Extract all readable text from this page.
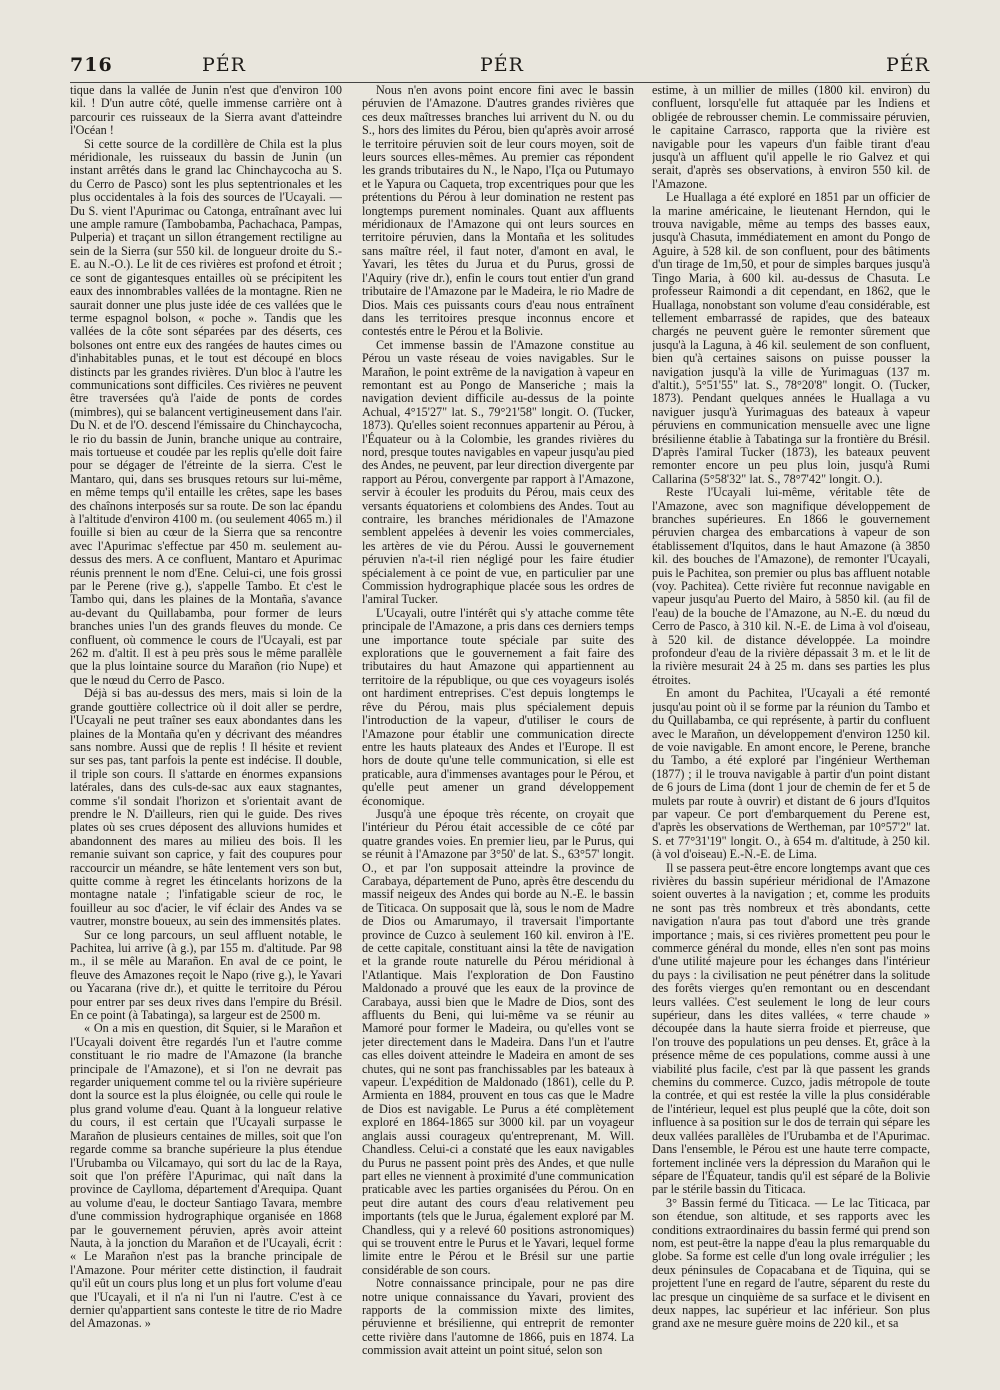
716	PÉR	PÉR	PÉR

tique dans la vallée de Junin n'est que d'environ 100 kil. ! D'un autre côté, quelle immense carrière ont à parcourir ces ruisseaux de la Sierra avant d'atteindre l'Océan !

Si cette source de la cordillère de Chila est la plus méridionale, les ruisseaux du bassin de Junin (un instant arrêtés dans le grand lac Chinchaycocha au S. du Cerro de Pasco) sont les plus septentrionales et les plus occidentales à la fois des sources de l'Ucayali. — Du S. vient l'Apurimac ou Catonga, entraînant avec lui une ample ramure (Tambobamba, Pachachaca, Pampas, Pulperia) et traçant un sillon étrangement rectiligne au sein de la Sierra (sur 550 kil. de longueur droite du S.-E. au N.-O.). Le lit de ces rivières est profond et étroit ; ce sont de gigantesques entailles où se précipitent les eaux des innombrables vallées de la montagne. Rien ne saurait donner une plus juste idée de ces vallées que le terme espagnol bolson, « poche ». Tandis que les vallées de la côte sont séparées par des déserts, ces bolsones ont entre eux des rangées de hautes cimes ou d'inhabitables punas, et le tout est découpé en blocs distincts par les grandes rivières. D'un bloc à l'autre les communications sont difficiles. Ces rivières ne peuvent être traversées qu'à l'aide de ponts de cordes (mimbres), qui se balancent vertigineusement dans l'air. Du N. et de l'O. descend l'émissaire du Chinchaycocha, le rio du bassin de Junin, branche unique au contraire, mais tortueuse et coudée par les replis qu'elle doit faire pour se dégager de l'étreinte de la sierra. C'est le Mantaro, qui, dans ses brusques retours sur lui-même, en même temps qu'il entaille les crêtes, sape les bases des chaînons interposés sur sa route. De son lac épandu à l'altitude d'environ 4100 m. (ou seulement 4065 m.) il fouille si bien au cœur de la Sierra que sa rencontre avec l'Apurimac s'effectue par 450 m. seulement au-dessus des mers. A ce confluent, Mantaro et Apurimac réunis prennent le nom d'Ene. Celui-ci, une fois grossi par le Perene (rive g.), s'appelle Tambo. Et c'est le Tambo qui, dans les plaines de la Montaña, s'avance au-devant du Quillabamba, pour former de leurs branches unies l'un des grands fleuves du monde. Ce confluent, où commence le cours de l'Ucayali, est par 262 m. d'altit. Il est à peu près sous le même parallèle que la plus lointaine source du Marañon (rio Nupe) et que le nœud du Cerro de Pasco.

Déjà si bas au-dessus des mers, mais si loin de la grande gouttière collectrice où il doit aller se perdre, l'Ucayali ne peut traîner ses eaux abondantes dans les plaines de la Montaña qu'en y décrivant des méandres sans nombre. Aussi que de replis ! Il hésite et revient sur ses pas, tant parfois la pente est indécise. Il double, il triple son cours. Il s'attarde en énormes expansions latérales, dans des culs-de-sac aux eaux stagnantes, comme s'il sondait l'horizon et s'orientait avant de prendre le N. D'ailleurs, rien qui le guide. Des rives plates où ses crues déposent des alluvions humides et abandonnent des mares au milieu des bois. Il les remanie suivant son caprice, y fait des coupures pour raccourcir un méandre, se hâte lentement vers son but, quitte comme à regret les étincelants horizons de la montagne natale ; l'infatigable scieur de roc, le fouilleur au soc d'acier, le vif éclair des Andes va se vautrer, monstre boueux, au sein des immensités plates.

Sur ce long parcours, un seul affluent notable, le Pachitea, lui arrive (à g.), par 155 m. d'altitude. Par 98 m., il se mêle au Marañon. En aval de ce point, le fleuve des Amazones reçoit le Napo (rive g.), le Yavari ou Yacarana (rive dr.), et quitte le territoire du Pérou pour entrer par ses deux rives dans l'empire du Brésil. En ce point (à Tabatinga), sa largeur est de 2500 m.

« On a mis en question, dit Squier, si le Marañon et l'Ucayali doivent être regardés l'un et l'autre comme constituant le rio madre de l'Amazone (la branche principale de l'Amazone), et si l'on ne devrait pas regarder uniquement comme tel ou la rivière supérieure dont la source est la plus éloignée, ou celle qui roule le plus grand volume d'eau. Quant à la longueur relative du cours, il est certain que l'Ucayali surpasse le Marañon de plusieurs centaines de milles, soit que l'on regarde comme sa branche supérieure la plus étendue l'Urubamba ou Vilcamayo, qui sort du lac de la Raya, soit que l'on préfère l'Apurimac, qui naît dans la province de Caylloma, département d'Arequipa. Quant au volume d'eau, le docteur Santiago Tavara, membre d'une commission hydrographique organisée en 1868 par le gouvernement péruvien, après avoir atteint Nauta, à la jonction du Marañon et de l'Ucayali, écrit : « Le Marañon n'est pas la branche principale de l'Amazone. Pour mériter cette distinction, il faudrait qu'il eût un cours plus long et un plus fort volume d'eau que l'Ucayali, et il n'a ni l'un ni l'autre. C'est à ce dernier qu'appartient sans conteste le titre de rio Madre del Amazonas. »

Nous n'en avons point encore fini avec le bassin péruvien de l'Amazone. D'autres grandes rivières que ces deux maîtresses branches lui arrivent du N. ou du S., hors des limites du Pérou, bien qu'après avoir arrosé le territoire péruvien soit de leur cours moyen, soit de leurs sources elles-mêmes. Au premier cas répondent les grands tributaires du N., le Napo, l'Iça ou Putumayo et le Yapura ou Caqueta, trop excentriques pour que les prétentions du Pérou à leur domination ne restent pas longtemps purement nominales. Quant aux affluents méridionaux de l'Amazone qui ont leurs sources en territoire péruvien, dans la Montaña et les solitudes sans maître réel, il faut noter, d'amont en aval, le Yavari, les têtes du Jurua et du Purus, grossi de l'Aquiry (rive dr.), enfin le cours tout entier d'un grand tributaire de l'Amazone par le Madeira, le rio Madre de Dios. Mais ces puissants cours d'eau nous entraînent dans les territoires presque inconnus encore et contestés entre le Pérou et la Bolivie.

Cet immense bassin de l'Amazone constitue au Pérou un vaste réseau de voies navigables. Sur le Marañon, le point extrême de la navigation à vapeur en remontant est au Pongo de Manseriche ; mais la navigation devient difficile au-dessus de la pointe Achual, 4°15'27" lat. S., 79°21'58" longit. O. (Tucker, 1873). Qu'elles soient reconnues appartenir au Pérou, à l'Équateur ou à la Colombie, les grandes rivières du nord, presque toutes navigables en vapeur jusqu'au pied des Andes, ne peuvent, par leur direction divergente par rapport au Pérou, convergente par rapport à l'Amazone, servir à écouler les produits du Pérou, mais ceux des versants équatoriens et colombiens des Andes. Tout au contraire, les branches méridionales de l'Amazone semblent appelées à devenir les voies commerciales, les artères de vie du Pérou. Aussi le gouvernement péruvien n'a-t-il rien négligé pour les faire étudier spécialement à ce point de vue, en particulier par une Commission hydrographique placée sous les ordres de l'amiral Tucker.

L'Ucayali, outre l'intérêt qui s'y attache comme tête principale de l'Amazone, a pris dans ces derniers temps une importance toute spéciale par suite des explorations que le gouvernement a fait faire des tributaires du haut Amazone qui appartiennent au territoire de la république, ou que ces voyageurs isolés ont hardiment entreprises. C'est depuis longtemps le rêve du Pérou, mais plus spécialement depuis l'introduction de la vapeur, d'utiliser le cours de l'Amazone pour établir une communication directe entre les hauts plateaux des Andes et l'Europe. Il est hors de doute qu'une telle communication, si elle est praticable, aura d'immenses avantages pour le Pérou, et qu'elle peut amener un grand développement économique.

Jusqu'à une époque très récente, on croyait que l'intérieur du Pérou était accessible de ce côté par quatre grandes voies. En premier lieu, par le Purus, qui se réunit à l'Amazone par 3°50' de lat. S., 63°57' longit. O., et par l'on supposait atteindre la province de Carabaya, département de Puno, après être descendu du massif neigeux des Andes qui borde au N.-E. le bassin de Titicaca. On supposait que là, sous le nom de Madre de Dios ou Amarumayo, il traversait l'importante province de Cuzco à seulement 160 kil. environ à l'E. de cette capitale, constituant ainsi la tête de navigation et la grande route naturelle du Pérou méridional à l'Atlantique. Mais l'exploration de Don Faustino Maldonado a prouvé que les eaux de la province de Carabaya, aussi bien que le Madre de Dios, sont des affluents du Beni, qui lui-même va se réunir au Mamoré pour former le Madeira, ou qu'elles vont se jeter directement dans le Madeira. Dans l'un et l'autre cas elles doivent atteindre le Madeira en amont de ses chutes, qui ne sont pas franchissables par les bateaux à vapeur. L'expédition de Maldonado (1861), celle du P. Armienta en 1884, prouvent en tous cas que le Madre de Dios est navigable. Le Purus a été complètement exploré en 1864-1865 sur 3000 kil. par un voyageur anglais aussi courageux qu'entreprenant, M. Will. Chandless. Celui-ci a constaté que les eaux navigables du Purus ne passent point près des Andes, et que nulle part elles ne viennent à proximité d'une communication praticable avec les parties organisées du Pérou. On en peut dire autant des cours d'eau relativement peu importants (tels que le Jurua, également exploré par M. Chandless, qui y a relevé 60 positions astronomiques) qui se trouvent entre le Purus et le Yavari, lequel forme limite entre le Pérou et le Brésil sur une partie considérable de son cours.

Notre connaissance principale, pour ne pas dire notre unique connaissance du Yavari, provient des rapports de la commission mixte des limites, péruvienne et brésilienne, qui entreprit de remonter cette rivière dans l'automne de 1866, puis en 1874. La commission avait atteint un point situé, selon son

estime, à un millier de milles (1800 kil. environ) du confluent, lorsqu'elle fut attaquée par les Indiens et obligée de rebrousser chemin. Le commissaire péruvien, le capitaine Carrasco, rapporta que la rivière est navigable pour les vapeurs d'un faible tirant d'eau jusqu'à un affluent qu'il appelle le rio Galvez et qui serait, d'après ses observations, à environ 550 kil. de l'Amazone.

Le Huallaga a été exploré en 1851 par un officier de la marine américaine, le lieutenant Herndon, qui le trouva navigable, même au temps des basses eaux, jusqu'à Chasuta, immédiatement en amont du Pongo de Aguire, à 528 kil. de son confluent, pour des bâtiments d'un tirage de 1m,50, et pour de simples barques jusqu'à Tingo Maria, à 600 kil. au-dessus de Chasuta. Le professeur Raimondi a dit cependant, en 1862, que le Huallaga, nonobstant son volume d'eau considérable, est tellement embarrassé de rapides, que des bateaux chargés ne peuvent guère le remonter sûrement que jusqu'à la Laguna, à 46 kil. seulement de son confluent, bien qu'à certaines saisons on puisse pousser la navigation jusqu'à la ville de Yurimaguas (137 m. d'altit.), 5°51'55" lat. S., 78°20'8" longit. O. (Tucker, 1873). Pendant quelques années le Huallaga a vu naviguer jusqu'à Yurimaguas des bateaux à vapeur péruviens en communication mensuelle avec une ligne brésilienne établie à Tabatinga sur la frontière du Brésil. D'après l'amiral Tucker (1873), les bateaux peuvent remonter encore un peu plus loin, jusqu'à Rumi Callarina (5°58'32" lat. S., 78°7'42" longit. O.).

Reste l'Ucayali lui-même, véritable tête de l'Amazone, avec son magnifique développement de branches supérieures. En 1866 le gouvernement péruvien chargea des embarcations à vapeur de son établissement d'Iquitos, dans le haut Amazone (à 3850 kil. des bouches de l'Amazone), de remonter l'Ucayali, puis le Pachitea, son premier ou plus bas affluent notable (voy. Pachitea). Cette rivière fut reconnue navigable en vapeur jusqu'au Puerto del Mairo, à 5850 kil. (au fil de l'eau) de la bouche de l'Amazone, au N.-E. du nœud du Cerro de Pasco, à 310 kil. N.-E. de Lima à vol d'oiseau, à 520 kil. de distance développée. La moindre profondeur d'eau de la rivière dépassait 3 m. et le lit de la rivière mesurait 24 à 25 m. dans ses parties les plus étroites.

En amont du Pachitea, l'Ucayali a été remonté jusqu'au point où il se forme par la réunion du Tambo et du Quillabamba, ce qui représente, à partir du confluent avec le Marañon, un développement d'environ 1250 kil. de voie navigable. En amont encore, le Perene, branche du Tambo, a été exploré par l'ingénieur Wertheman (1877) ; il le trouva navigable à partir d'un point distant de 6 jours de Lima (dont 1 jour de chemin de fer et 5 de mulets par route à ouvrir) et distant de 6 jours d'Iquitos par vapeur. Ce port d'embarquement du Perene est, d'après les observations de Wertheman, par 10°57'2" lat. S. et 77°31'19" longit. O., à 654 m. d'altitude, à 250 kil. (à vol d'oiseau) E.-N.-E. de Lima.

Il se passera peut-être encore longtemps avant que ces rivières du bassin supérieur méridional de l'Amazone soient ouvertes à la navigation ; et, comme les produits ne sont pas très nombreux et très abondants, cette navigation n'aura pas tout d'abord une très grande importance ; mais, si ces rivières promettent peu pour le commerce général du monde, elles n'en sont pas moins d'une utilité majeure pour les échanges dans l'intérieur du pays : la civilisation ne peut pénétrer dans la solitude des forêts vierges qu'en remontant ou en descendant leurs vallées. C'est seulement le long de leur cours supérieur, dans les dites vallées, « terre chaude » découpée dans la haute sierra froide et pierreuse, que l'on trouve des populations un peu denses. Et, grâce à la présence même de ces populations, comme aussi à une viabilité plus facile, c'est par là que passent les grands chemins du commerce. Cuzco, jadis métropole de toute la contrée, et qui est restée la ville la plus considérable de l'intérieur, lequel est plus peuplé que la côte, doit son influence à sa position sur le dos de terrain qui sépare les deux vallées parallèles de l'Urubamba et de l'Apurimac. Dans l'ensemble, le Pérou est une haute terre compacte, fortement inclinée vers la dépression du Marañon qui le sépare de l'Équateur, tandis qu'il est séparé de la Bolivie par le stérile bassin du Titicaca.

3° Bassin fermé du Titicaca. — Le lac Titicaca, par son étendue, son altitude, et ses rapports avec les conditions extraordinaires du bassin fermé qui prend son nom, est peut-être la nappe d'eau la plus remarquable du globe. Sa forme est celle d'un long ovale irrégulier ; les deux péninsules de Copacabana et de Tiquina, qui se projettent l'une en regard de l'autre, séparent du reste du lac presque un cinquième de sa surface et le divisent en deux nappes, lac supérieur et lac inférieur. Son plus grand axe ne mesure guère moins de 220 kil., et sa
